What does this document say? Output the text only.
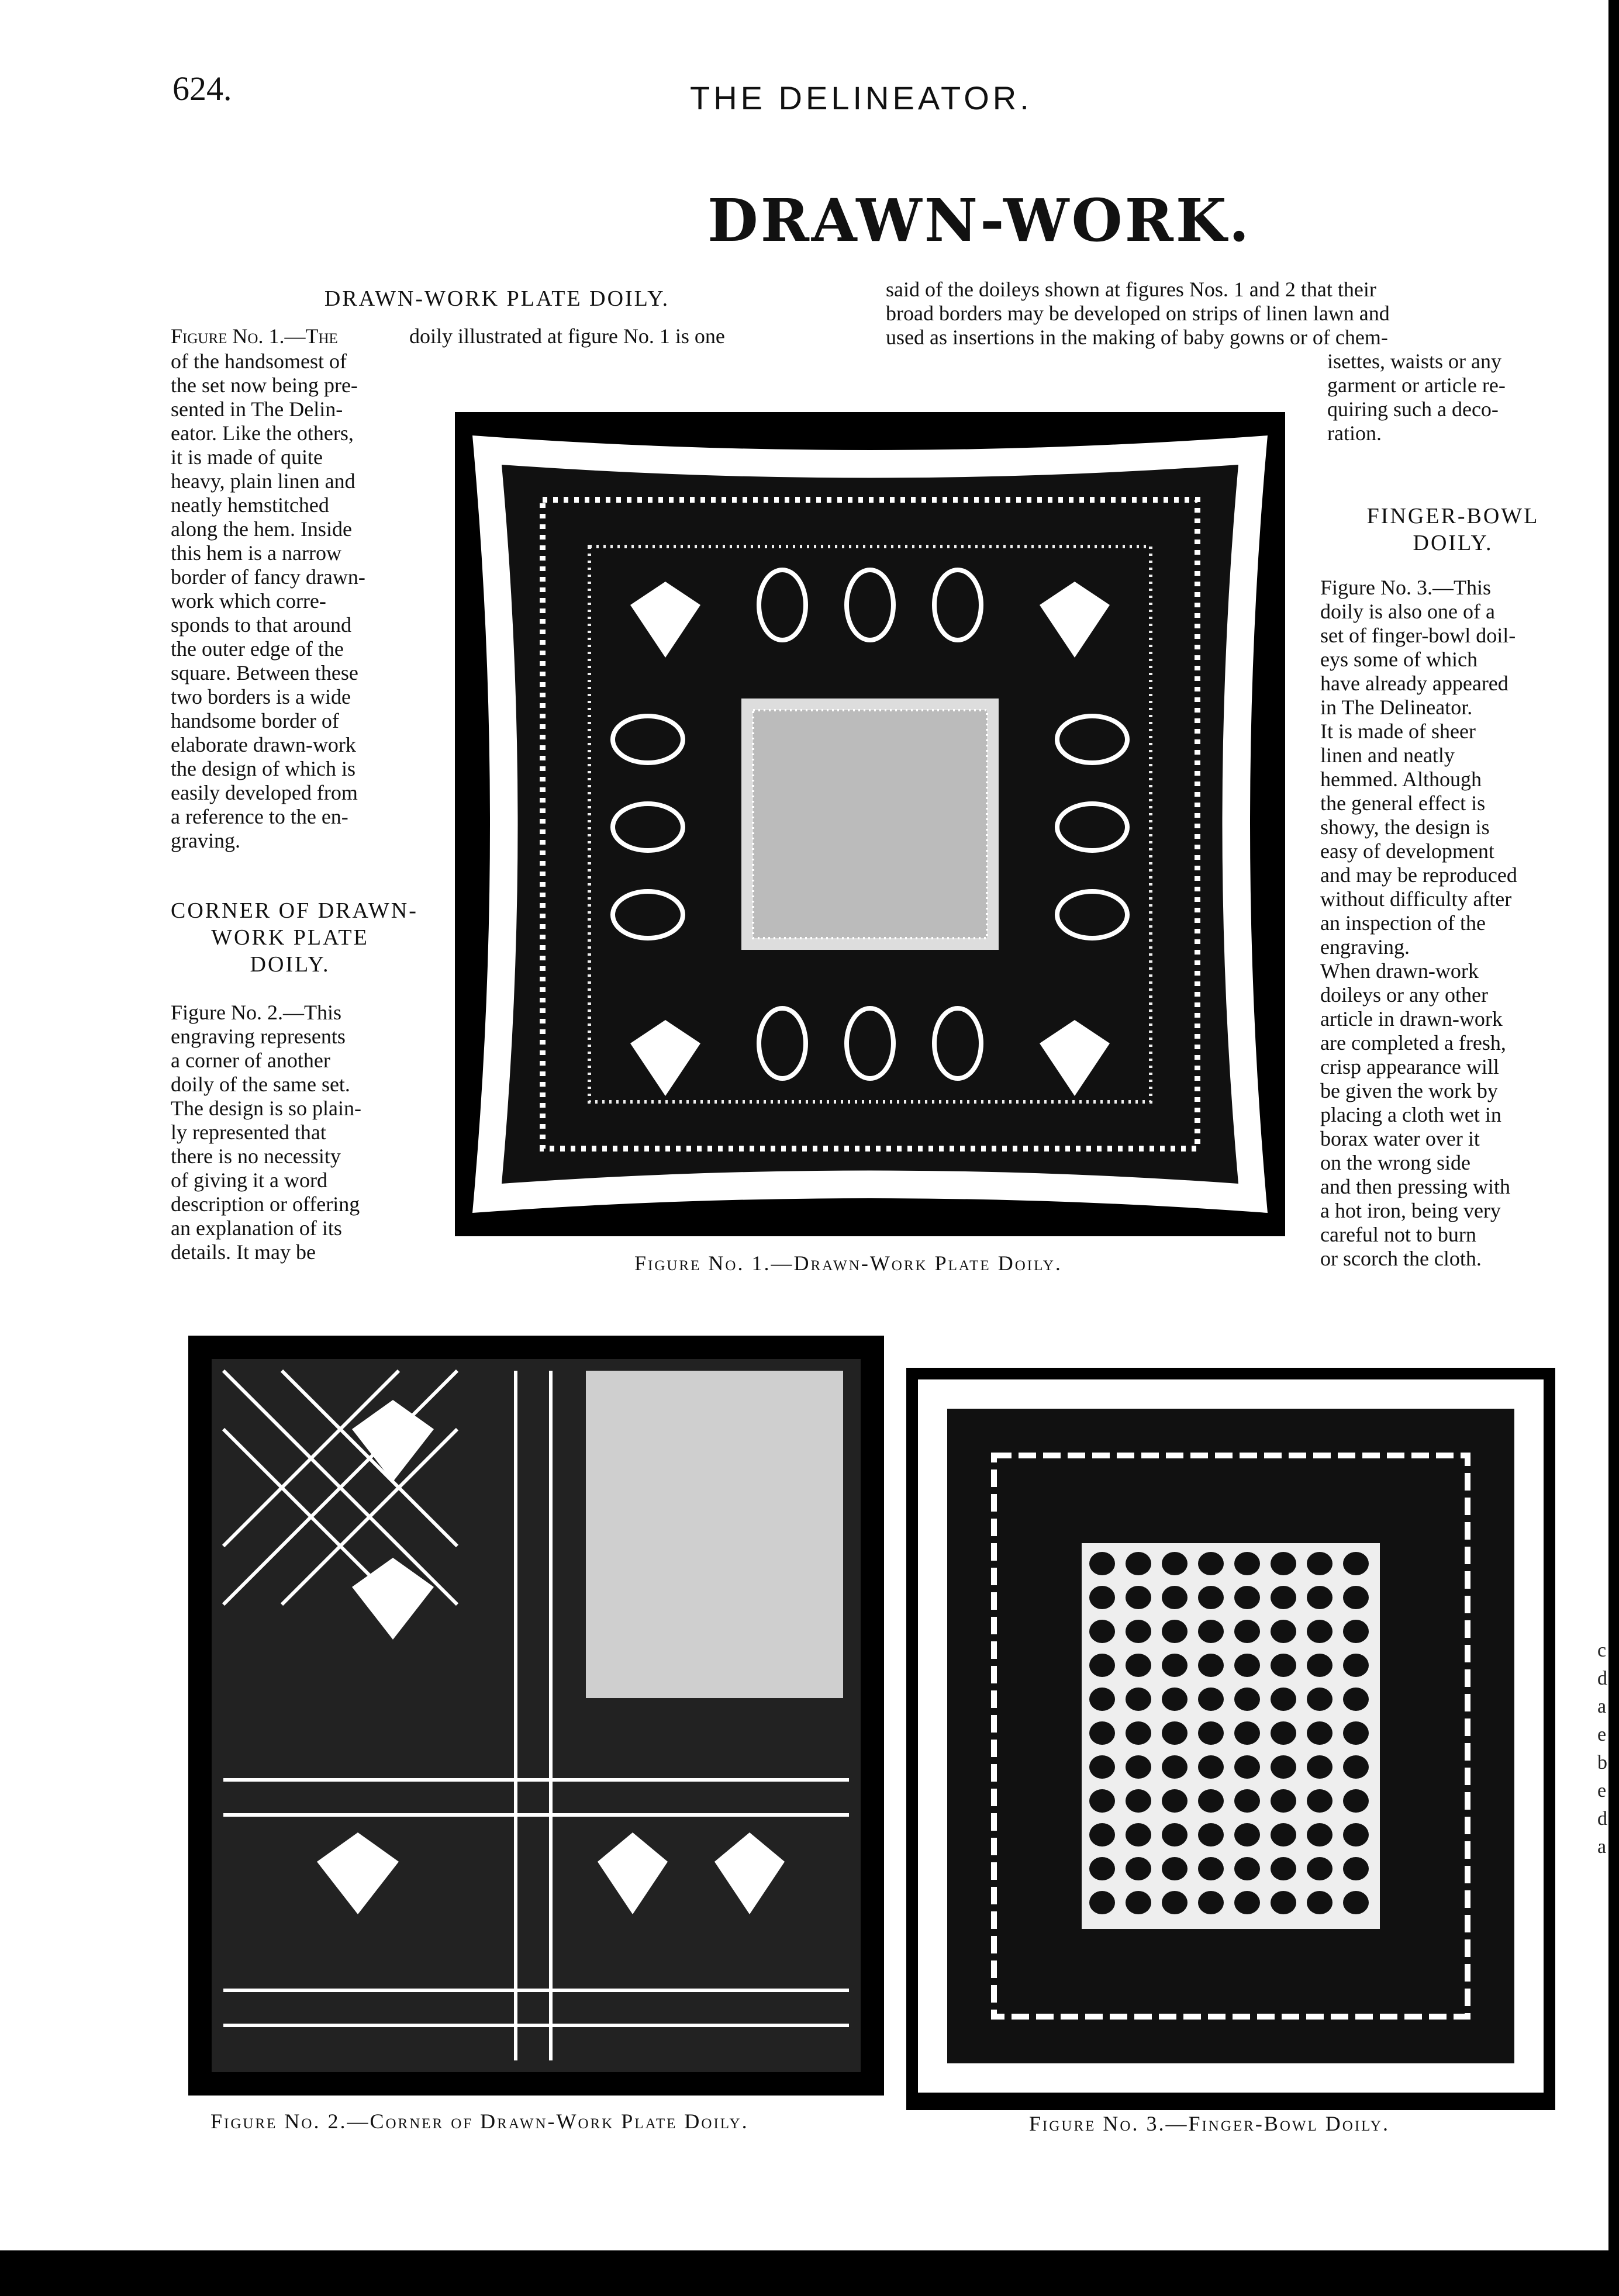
624.	THE DELINEATOR.
DRAWN-WORK.
DRAWN-WORK PLATE DOILY.
Figure No. 1.—The	doily illustrated at figure No. 1 is one
of the handsomest of
the set now being pre-
sented in The Delin-
eator. Like the others,
it is made of quite
heavy, plain linen and
neatly hemstitched
along the hem. Inside
this hem is a narrow
border of fancy drawn-
work which corre-
sponds to that around
the outer edge of the
square. Between these
two borders is a wide
handsome border of
elaborate drawn-work
the design of which is
easily developed from
a reference to the en-
graving.
CORNER OF DRAWN-
WORK PLATE
DOILY.
Figure No. 2.—This
engraving represents
a corner of another
doily of the same set.
The design is so plain-
ly represented that
there is no necessity
of giving it a word
description or offering
an explanation of its
details. It may be
said of the doileys shown at figures Nos. 1 and 2 that their
broad borders may be developed on strips of linen lawn and
used as insertions in the making of baby gowns or of chem-
isettes, waists or any
garment or article re-
quiring such a deco-
ration.
FINGER-BOWL
DOILY.
Figure No. 3.—This
doily is also one of a
set of finger-bowl doil-
eys some of which
have already appeared
in The Delineator.
It is made of sheer
linen and neatly
hemmed. Although
the general effect is
showy, the design is
easy of development
and may be reproduced
without difficulty after
an inspection of the
engraving.
When drawn-work
doileys or any other
article in drawn-work
are completed a fresh,
crisp appearance will
be given the work by
placing a cloth wet in
borax water over it
on the wrong side
and then pressing with
a hot iron, being very
careful not to burn
or scorch the cloth.
Figure No. 1.—Drawn-Work Plate Doily.
Figure No. 2.—Corner of Drawn-Work Plate Doily.	Figure No. 3.—Finger-Bowl Doily.
c
d
a
e
b
e
d
a
